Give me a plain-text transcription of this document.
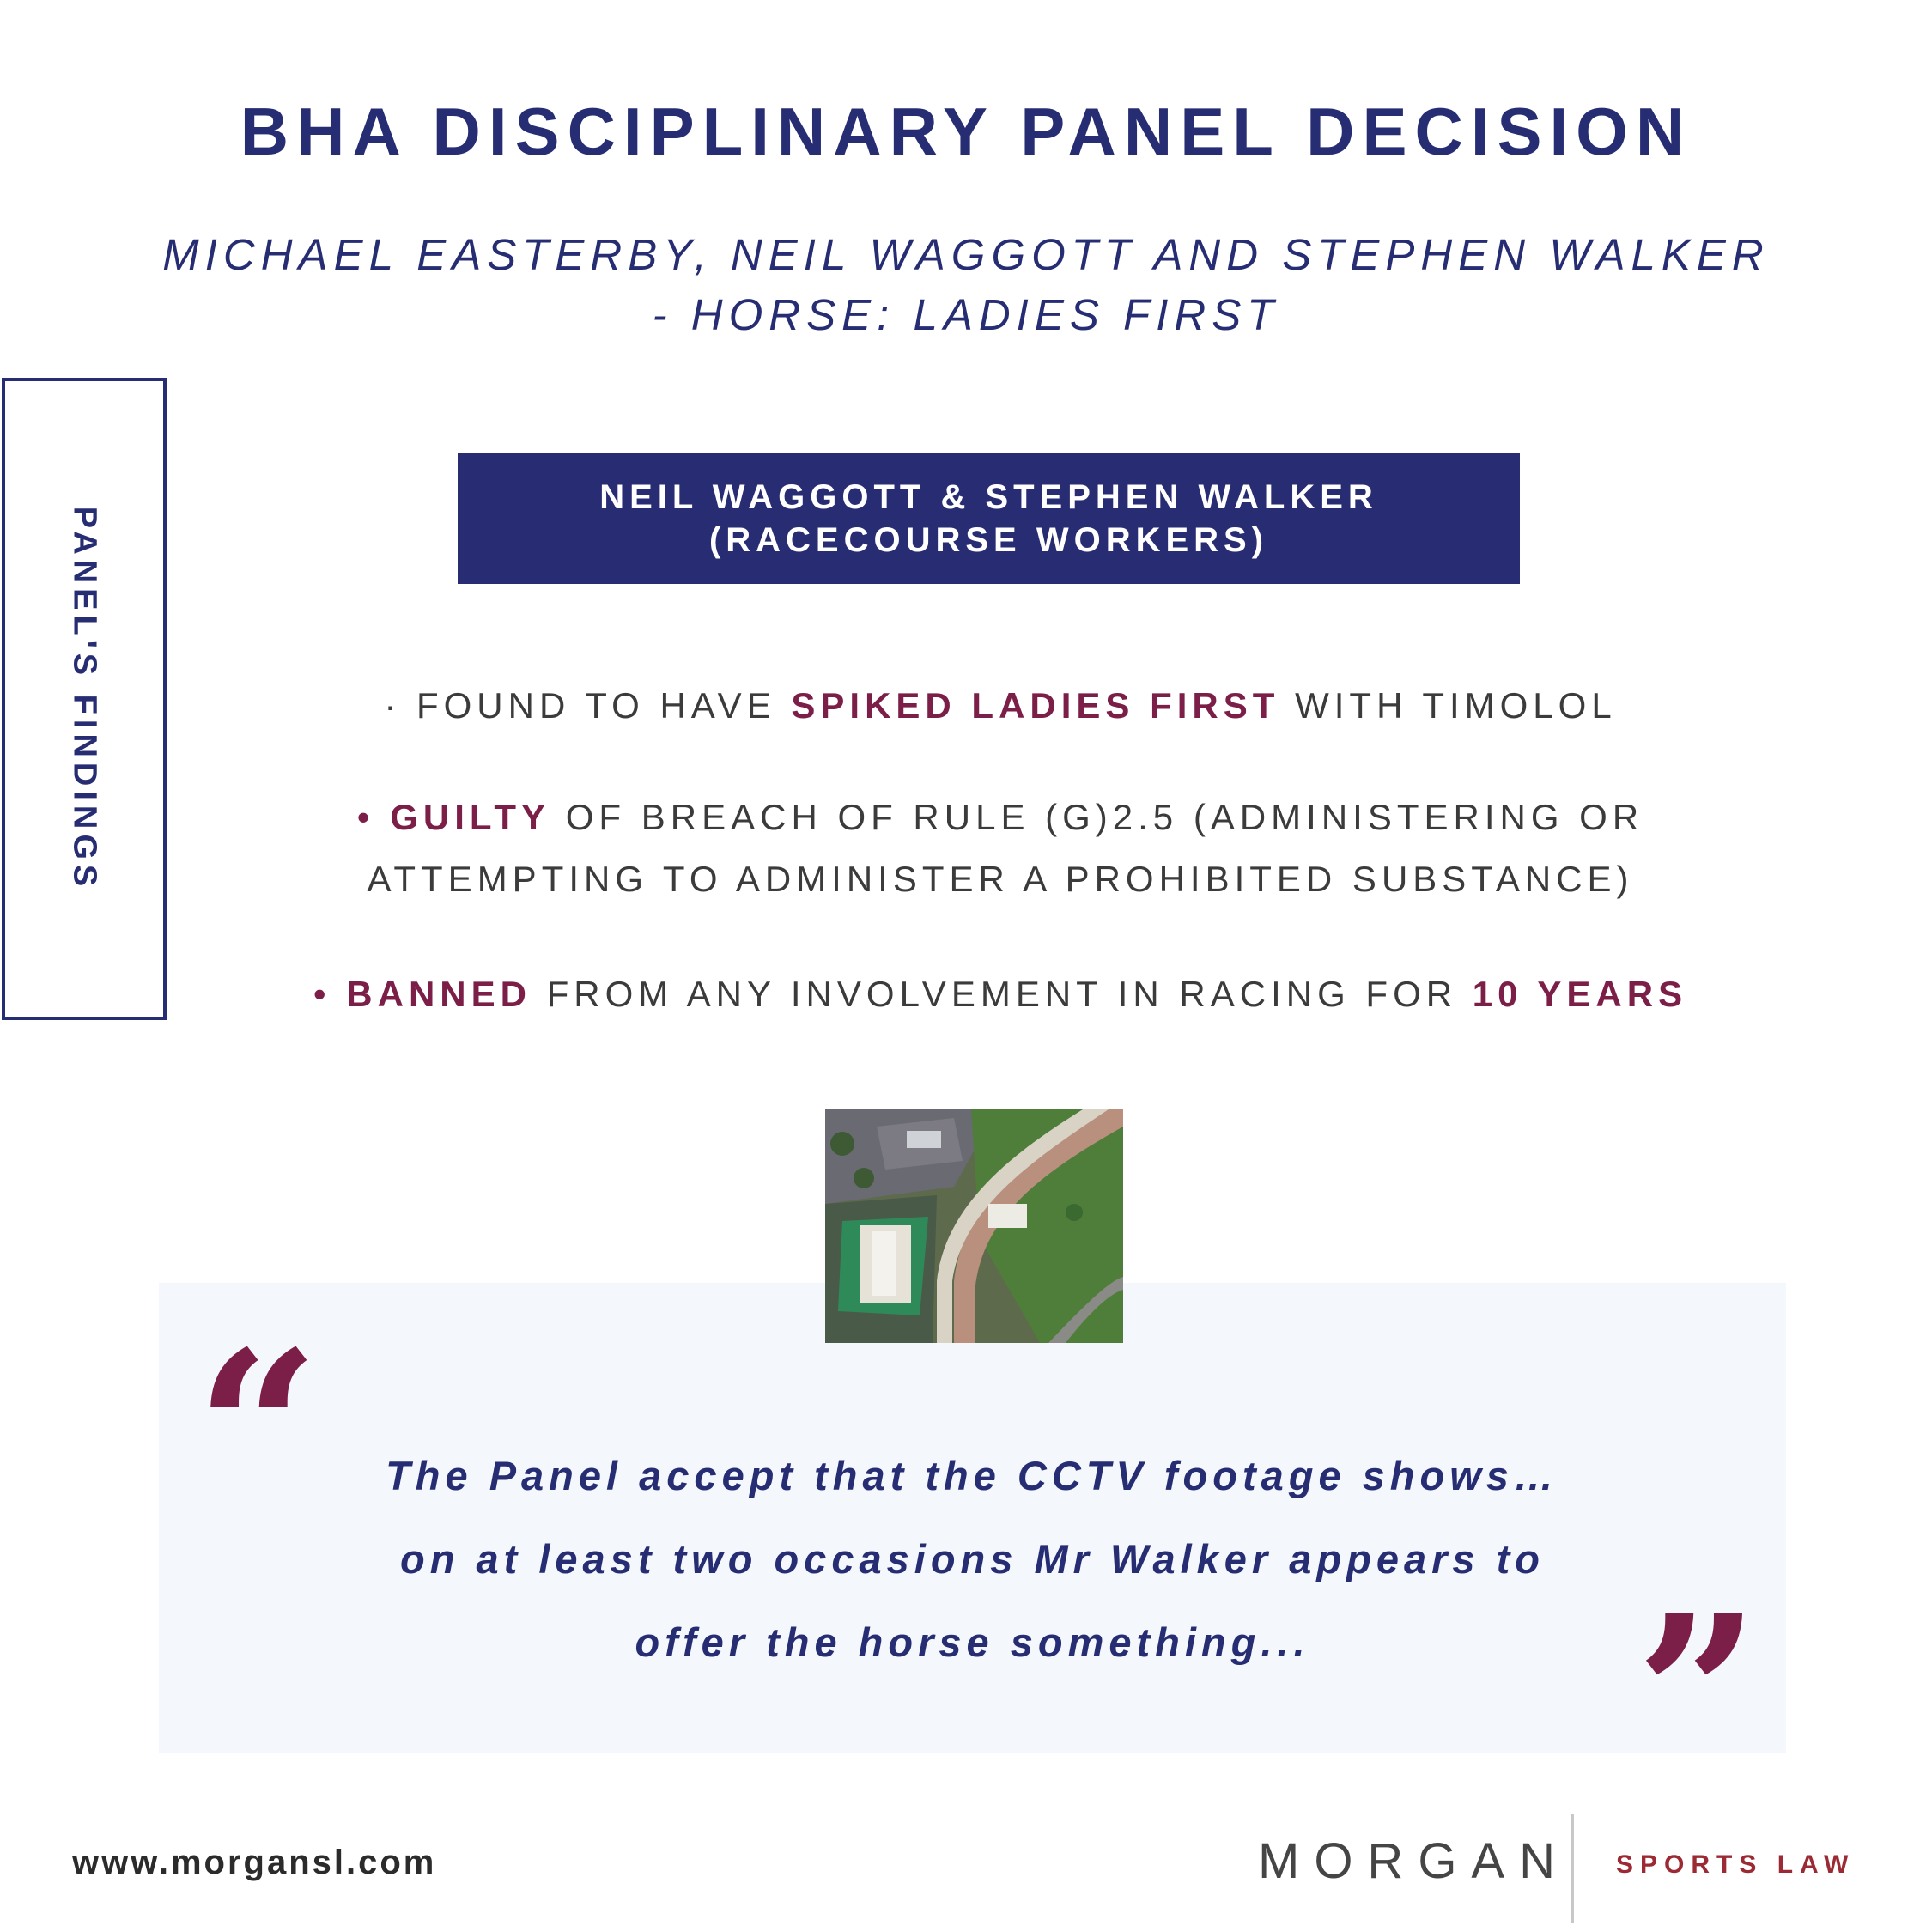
BHA DISCIPLINARY PANEL DECISION
MICHAEL EASTERBY, NEIL WAGGOTT AND STEPHEN WALKER
- HORSE: LADIES FIRST
PANEL'S FINDINGS
NEIL WAGGOTT & STEPHEN WALKER
(RACECOURSE WORKERS)
· FOUND TO HAVE SPIKED LADIES FIRST WITH TIMOLOL
• GUILTY OF BREACH OF RULE (G)2.5 (ADMINISTERING OR
ATTEMPTING TO ADMINISTER A PROHIBITED SUBSTANCE)
• BANNED FROM ANY INVOLVEMENT IN RACING FOR 10 YEARS
“
”
The Panel accept that the CCTV footage shows…
on at least two occasions Mr Walker appears to
offer the horse something...
www.morgansl.com	MORGAN SPORTS LAW
